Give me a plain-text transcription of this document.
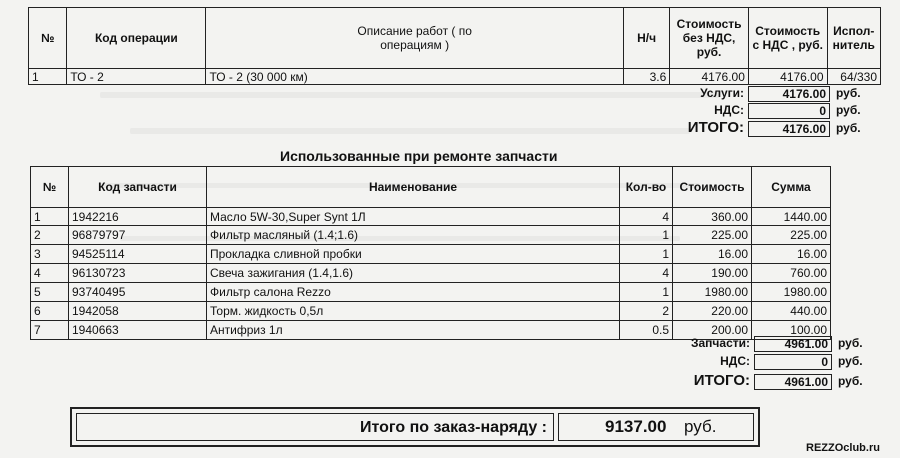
№	Код операции	Описание работ ( по операциям )	Н/ч	Стоимость без НДС, руб.	Стоимость с НДС , руб.	Испол-нитель
1	ТО - 2	ТО - 2 (30 000 км)	3.6	4176.00	4176.00	64/330
Услуги:	4176.00 руб.
НДС:	0 руб.
ИТОГО:	4176.00 руб.
Использованные при ремонте запчасти
№	Код запчасти	Наименование	Кол-во	Стоимость	Сумма
1	1942216	Масло 5W-30,Super Synt 1Л	4	360.00	1440.00
2	96879797	Фильтр масляный (1.4;1.6)	1	225.00	225.00
3	94525114	Прокладка сливной пробки	1	16.00	16.00
4	96130723	Свеча зажигания (1.4,1.6)	4	190.00	760.00
5	93740495	Фильтр салона Rezzo	1	1980.00	1980.00
6	1942058	Торм. жидкость 0,5л	2	220.00	440.00
7	1940663	Антифриз 1л	0.5	200.00	100.00
Запчасти:	4961.00 руб.
НДС:	0 руб.
ИТОГО:	4961.00 руб.
Итого по заказ-наряду :	9137.00 руб.
REZZOclub.ru
